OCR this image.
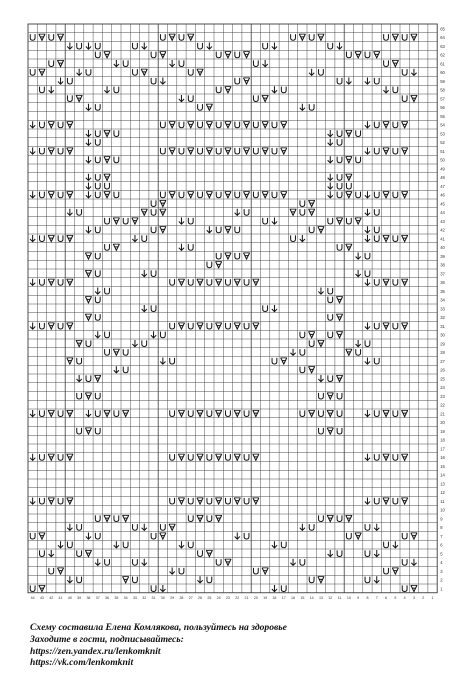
65
64
63
62
61
60
59
58
57
56
55
54
53
52
51
50
49
48
47
46
45
44
43
42
41
40
39
38
37
36
35
34
33
32
31
30
29
28
27
26
25
24
23
22
21
20
19
18
17
16
15
14
13
12
11
10
9
8
7
6
5
4
3
2
1
44 43 42 41 40 39 38 37 36 35 34 33 32 31 30 29 28 27 26 25 24 23 22 21 20 19 18 17 16 15 14 13 12 11 10 9 8 7 6 5 4 3 2 1
Схему составила Елена Комлякова, пользуйтесь на здоровье
Заходите в гости, подписывайтесь:
https://zen.yandex.ru/lenkomknit
https://vk.com/lenkomknit
